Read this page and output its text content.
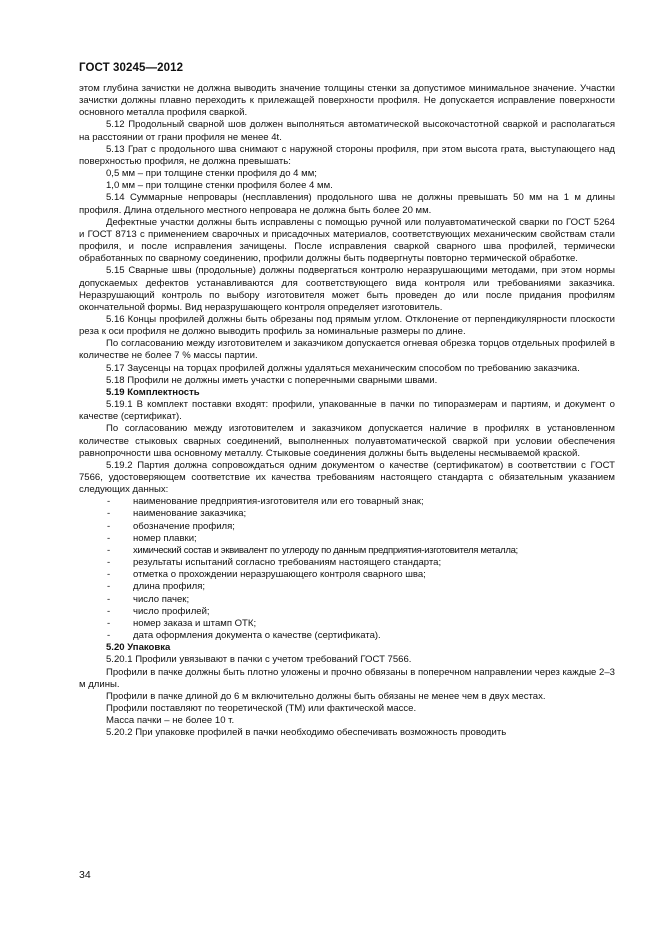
ГОСТ 30245—2012

этом глубина зачистки не должна выводить значение толщины стенки за допустимое минимальное значение. Участки зачистки должны плавно переходить к прилежащей поверхности профиля. Не допускается исправление поверхности основного металла профиля сваркой.

5.12 Продольный сварной шов должен выполняться автоматической высокочастотной сваркой и располагаться на расстоянии от грани профиля не менее 4t.

5.13 Грат с продольного шва снимают с наружной стороны профиля, при этом высота грата, выступающего над поверхностью профиля, не должна превышать:

0,5 мм – при толщине стенки профиля до 4 мм;

1,0 мм – при толщине стенки профиля более 4 мм.

5.14 Суммарные непровары (несплавления) продольного шва не должны превышать 50 мм на 1 м длины профиля. Длина отдельного местного непровара не должна быть более 20 мм.

Дефектные участки должны быть исправлены с помощью ручной или полуавтоматической сварки по ГОСТ 5264 и ГОСТ 8713 с применением сварочных и присадочных материалов, соответствующих механическим свойствам стали профиля, и после исправления зачищены. После исправления сваркой сварного шва профилей, термически обработанных по сварному соединению, профили должны быть подвергнуты повторно термической обработке.

5.15 Сварные швы (продольные) должны подвергаться контролю неразрушающими методами, при этом нормы допускаемых дефектов устанавливаются для соответствующего вида контроля или требованиями заказчика. Неразрушающий контроль по выбору изготовителя может быть проведен до или после придания профилям окончательной формы. Вид неразрушающего контроля определяет изготовитель.

5.16 Концы профилей должны быть обрезаны под прямым углом. Отклонение от перпендикулярности плоскости реза к оси профиля не должно выводить профиль за номинальные размеры по длине.

По согласованию между изготовителем и заказчиком допускается огневая обрезка торцов отдельных профилей в количестве не более 7 % массы партии.

5.17 Заусенцы на торцах профилей должны удаляться механическим способом по требованию заказчика.

5.18 Профили не должны иметь участки с поперечными сварными швами.

5.19 Комплектность

5.19.1 В комплект поставки входят: профили, упакованные в пачки по типоразмерам и партиям, и документ о качестве (сертификат).

По согласованию между изготовителем и заказчиком допускается наличие в профилях в установленном количестве стыковых сварных соединений, выполненных полуавтоматической сваркой при условии обеспечения равнопрочности шва основному металлу. Стыковые соединения должны быть выделены несмываемой краской.

5.19.2 Партия должна сопровождаться одним документом о качестве (сертификатом) в соответствии с ГОСТ 7566, удостоверяющем соответствие их качества требованиям настоящего стандарта с обязательным указанием следующих данных:

- наименование предприятия-изготовителя или его товарный знак;

- наименование заказчика;

- обозначение профиля;

- номер плавки;

- химический состав и эквивалент по углероду по данным предприятия-изготовителя металла;

- результаты испытаний согласно требованиям настоящего стандарта;

- отметка о прохождении неразрушающего контроля сварного шва;

- длина профиля;

- число пачек;

- число профилей;

- номер заказа и штамп ОТК;

- дата оформления документа о качестве (сертификата).

5.20 Упаковка

5.20.1 Профили увязывают в пачки с учетом требований ГОСТ 7566.

Профили в пачке должны быть плотно уложены и прочно обвязаны в поперечном направлении через каждые 2–3 м длины.

Профили в пачке длиной до 6 м включительно должны быть обязаны не менее чем в двух местах.

Профили поставляют по теоретической (ТМ) или фактической массе.

Масса пачки – не более 10 т.

5.20.2 При упаковке профилей в пачки необходимо обеспечивать возможность проводить

34
